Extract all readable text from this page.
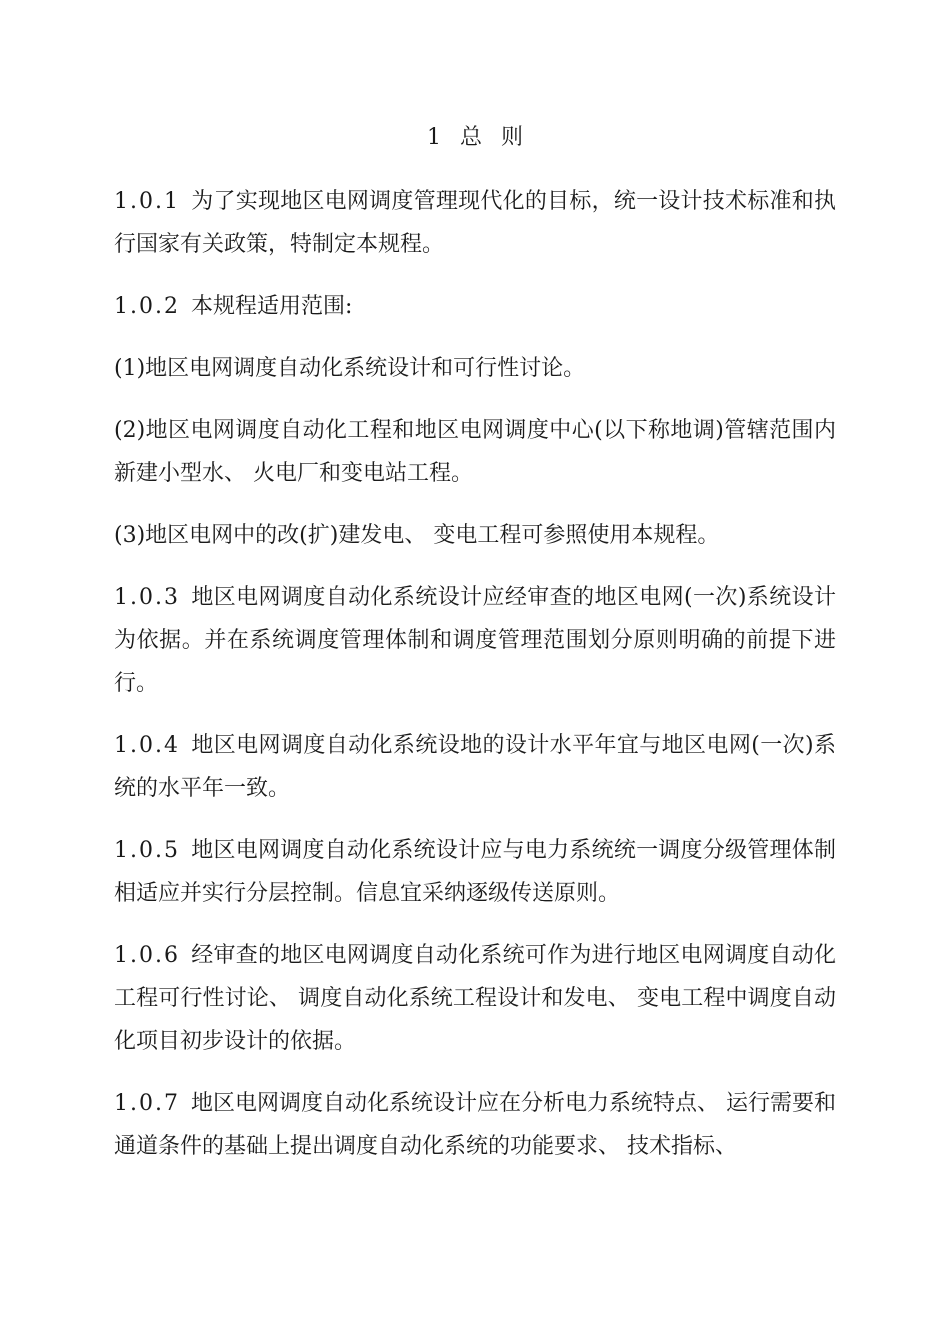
1 总 则

1.0.1 为了实现地区电网调度管理现代化的目标，统一设计技术标准和执行国家有关政策，特制定本规程。

1.0.2 本规程适用范围:

(1)地区电网调度自动化系统设计和可行性讨论。

(2)地区电网调度自动化工程和地区电网调度中心(以下称地调)管辖范围内新建小型水、 火电厂和变电站工程。

(3)地区电网中的改(扩)建发电、 变电工程可参照使用本规程。

1.0.3 地区电网调度自动化系统设计应经审查的地区电网(一次)系统设计为依据。并在系统调度管理体制和调度管理范围划分原则明确的前提下进行。

1.0.4 地区电网调度自动化系统设地的设计水平年宜与地区电网(一次)系统的水平年一致。

1.0.5 地区电网调度自动化系统设计应与电力系统统一调度分级管理体制相适应并实行分层控制。信息宜采纳逐级传送原则。

1.0.6 经审查的地区电网调度自动化系统可作为进行地区电网调度自动化工程可行性讨论、 调度自动化系统工程设计和发电、 变电工程中调度自动化项目初步设计的依据。

1.0.7 地区电网调度自动化系统设计应在分析电力系统特点、 运行需要和通道条件的基础上提出调度自动化系统的功能要求、 技术指标、
